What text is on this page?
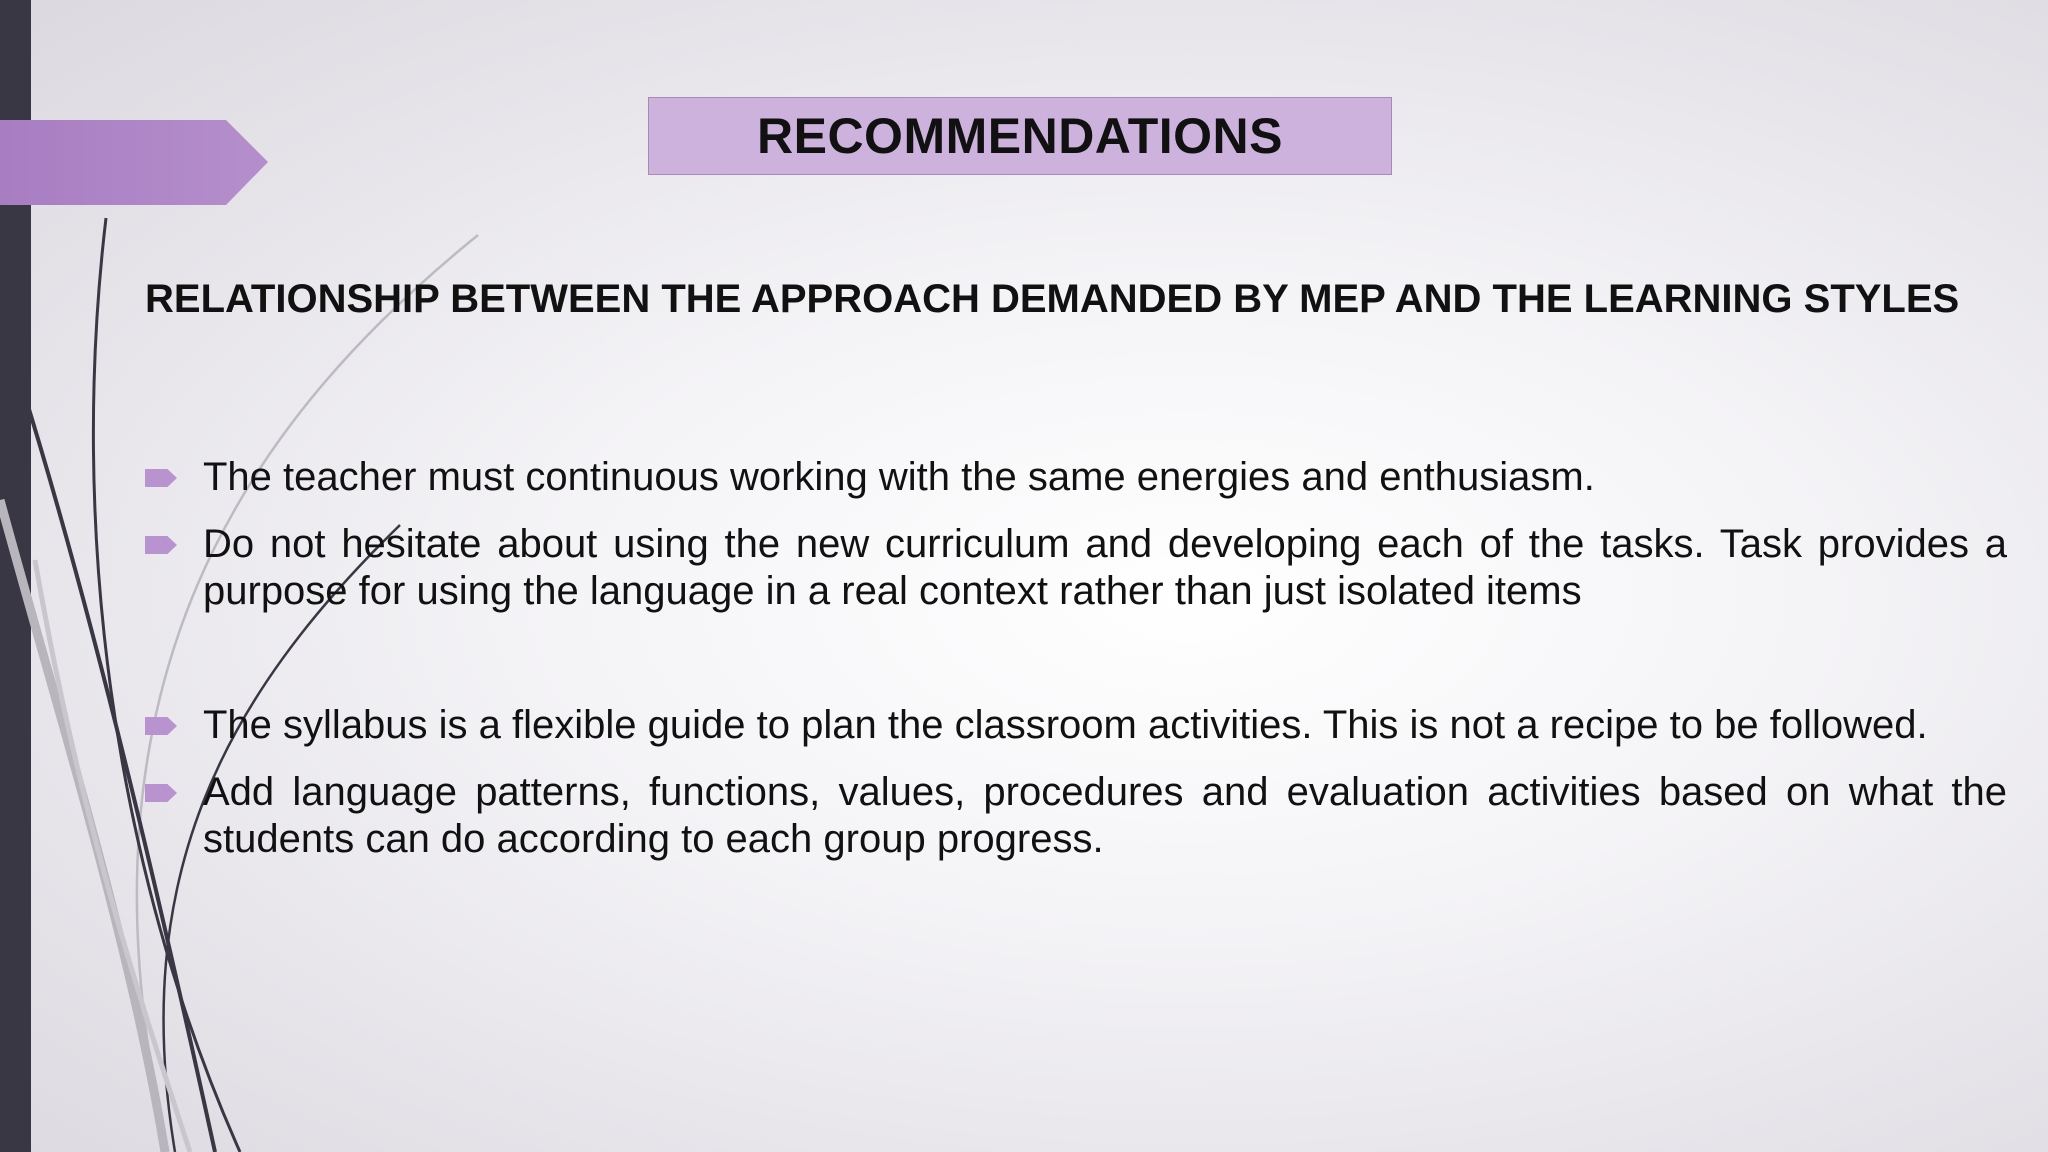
RECOMMENDATIONS
RELATIONSHIP BETWEEN THE APPROACH DEMANDED BY MEP AND THE LEARNING STYLES
The teacher must continuous working with the same energies and enthusiasm.
Do not hesitate about using the new curriculum and developing each of the tasks. Task provides a purpose for using the language in a real context rather than just isolated items
The syllabus is a flexible guide to plan the classroom activities. This is not a recipe to be followed.
Add language patterns, functions, values, procedures and evaluation activities based on what the students can do according to each group progress.
